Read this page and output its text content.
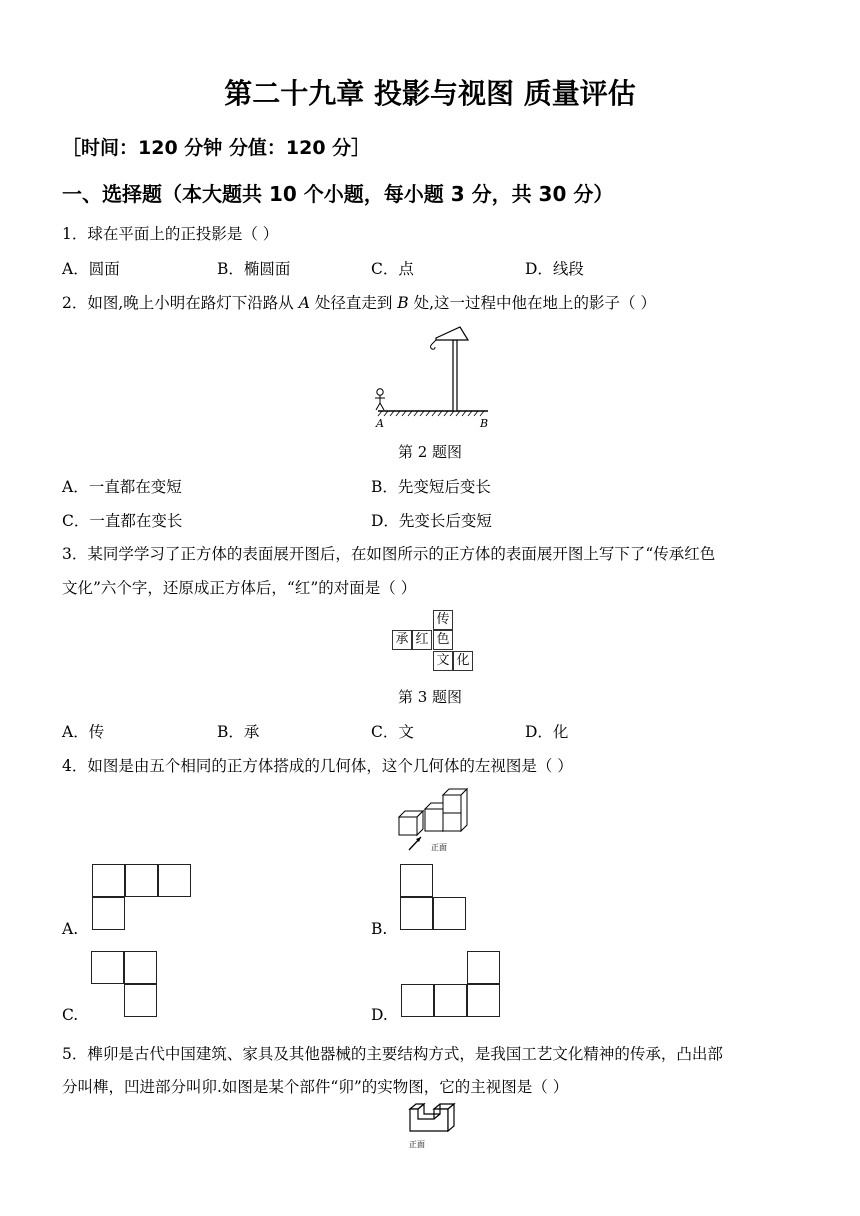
第二十九章 投影与视图 质量评估
［时间：120 分钟 分值：120 分］
一、选择题（本大题共 10 个小题，每小题 3 分，共 30 分）
1．球在平面上的正投影是（ ）
A．圆面	B．椭圆面	C．点	D．线段
2．如图,晚上小明在路灯下沿路从 A 处径直走到 B 处,这一过程中他在地上的影子（ ）
A	B
第 2 题图
A．一直都在变短	B．先变短后变长
C．一直都在变长	D．先变长后变短
3．某同学学习了正方体的表面展开图后，在如图所示的正方体的表面展开图上写下了“传承红色
文化”六个字，还原成正方体后，“红”的对面是（ ）
传
承 红 色
文 化
第 3 题图
A．传	B．承	C．文	D．化
4．如图是由五个相同的正方体搭成的几何体，这个几何体的左视图是（ ）
正面
A.	B.
C.	D.
5．榫卯是古代中国建筑、家具及其他器械的主要结构方式，是我国工艺文化精神的传承，凸出部
分叫榫，凹进部分叫卯.如图是某个部件“卯”的实物图，它的主视图是（ ）
正面
